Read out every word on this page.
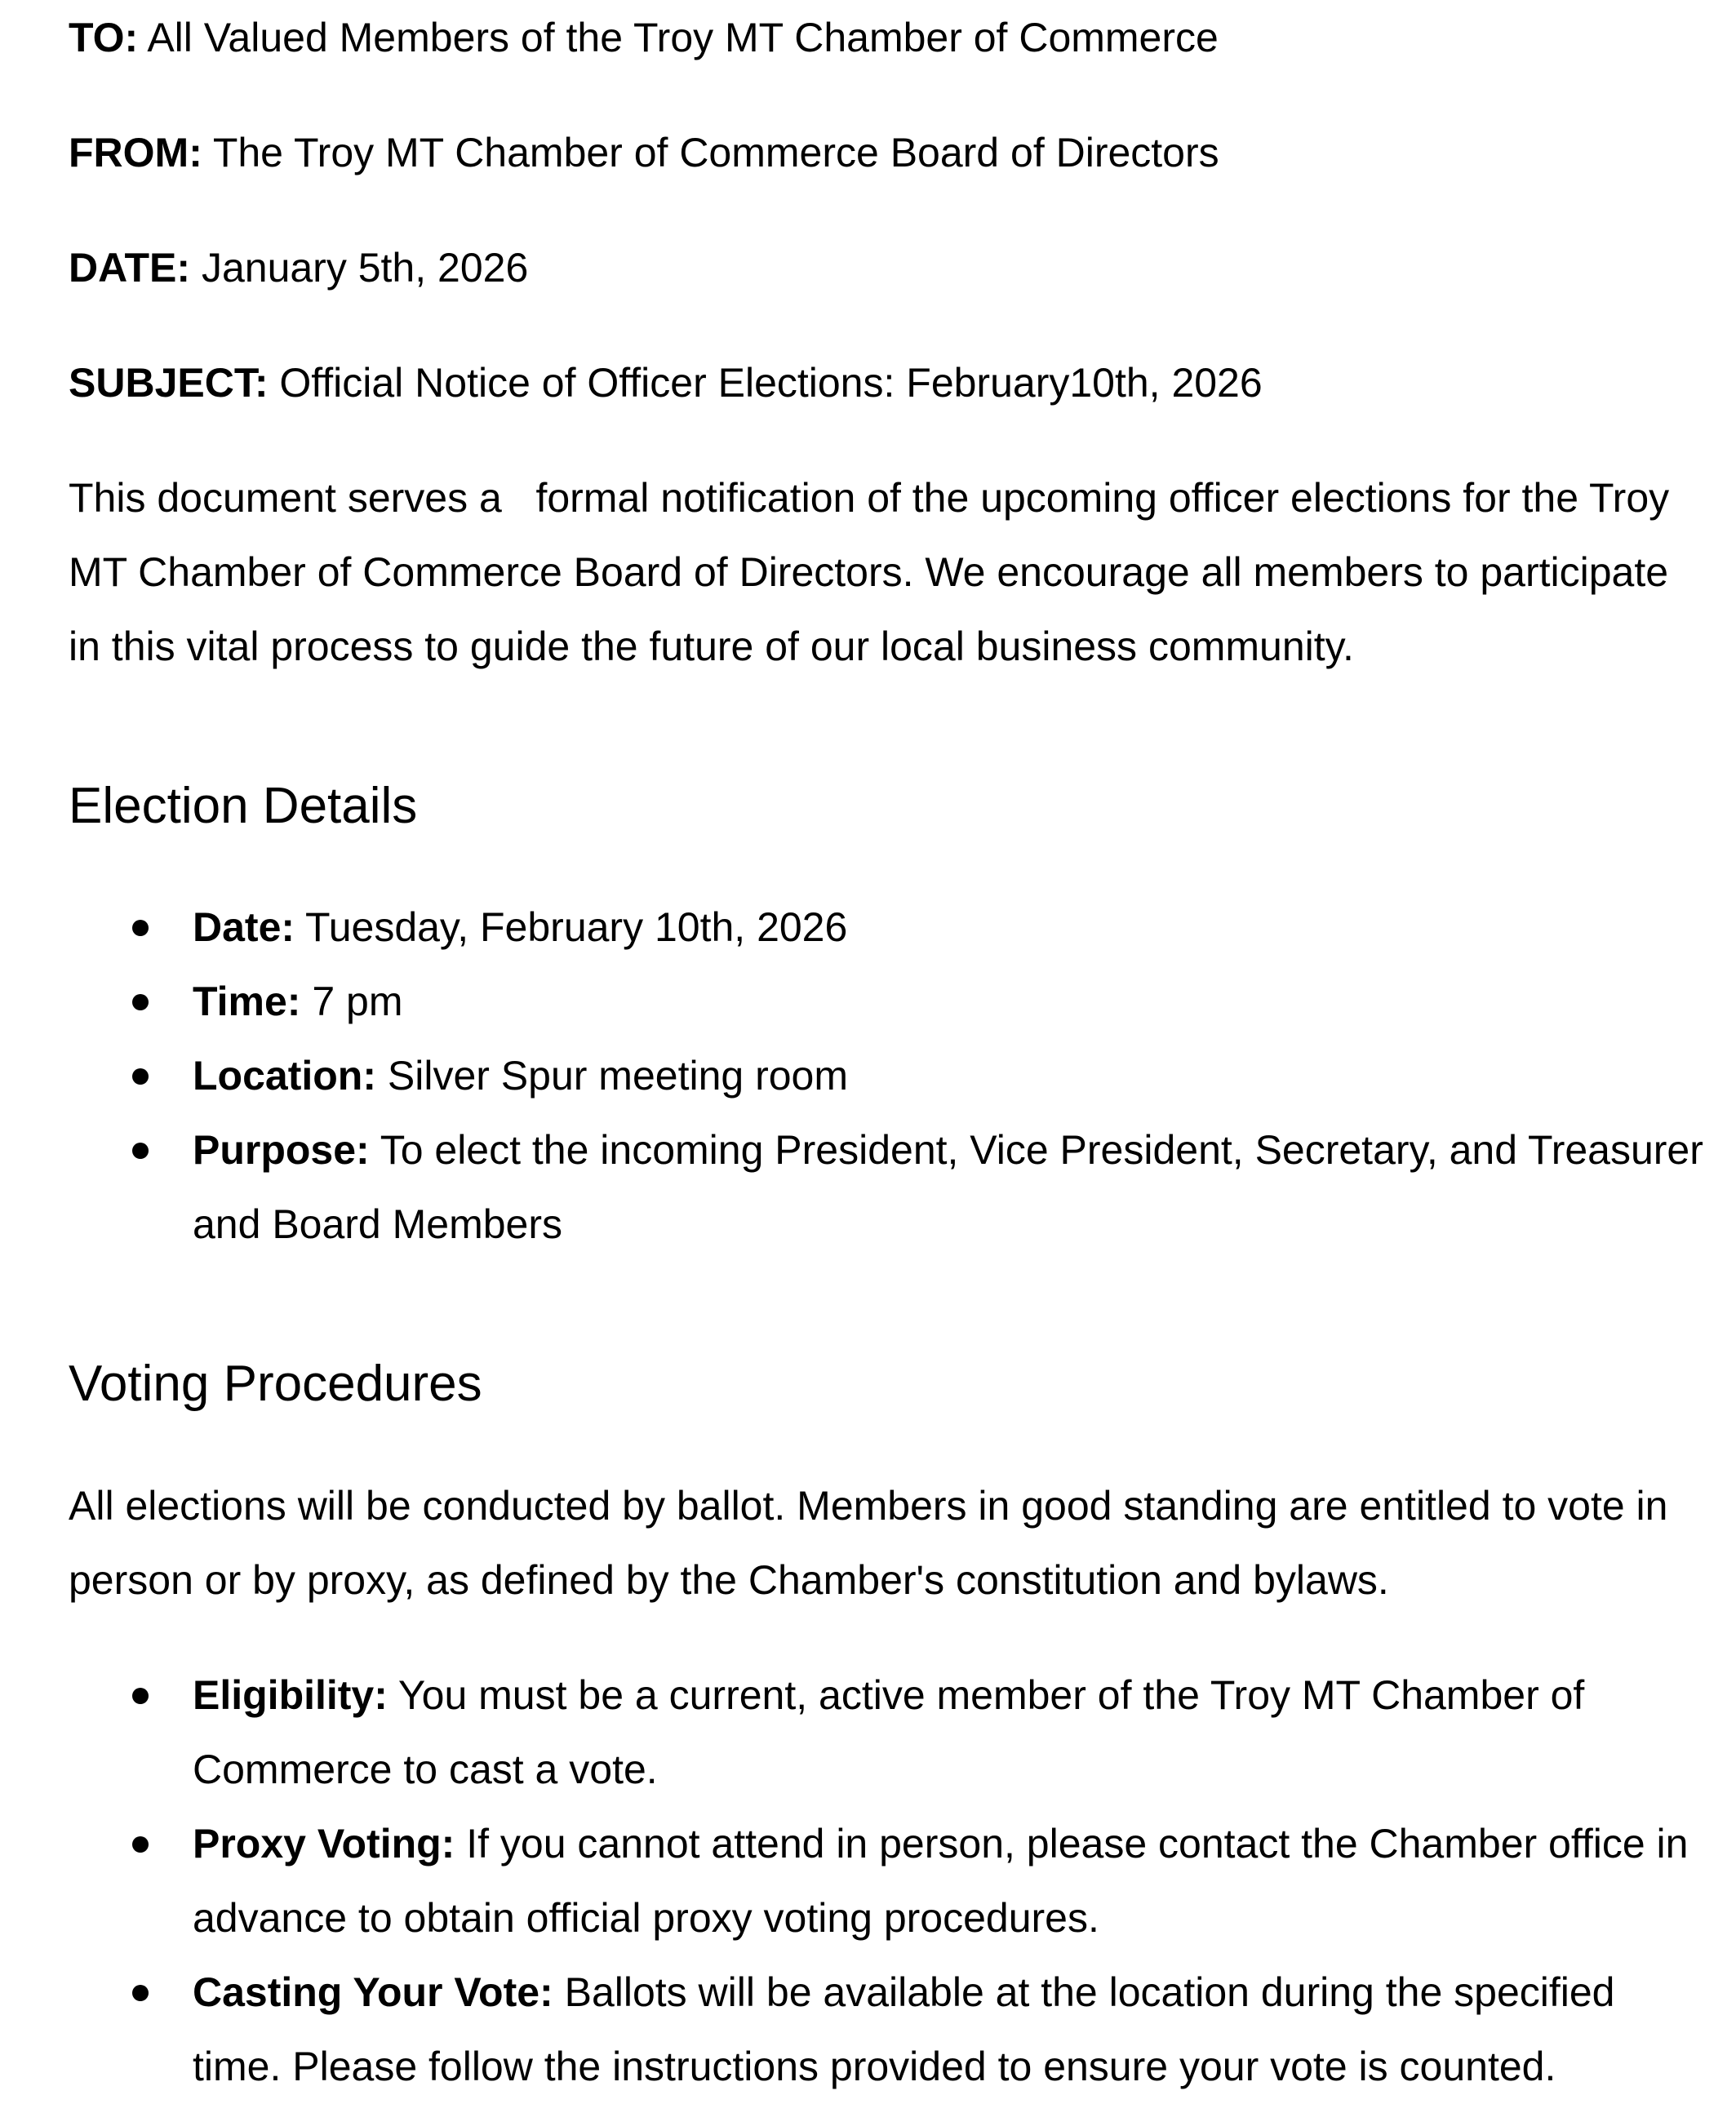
TO: All Valued Members of the Troy MT Chamber of Commerce
FROM: The Troy MT Chamber of Commerce Board of Directors
DATE: January 5th, 2026
SUBJECT: Official Notice of Officer Elections: February10th, 2026
This document serves a   formal notification of the upcoming officer elections for the Troy MT Chamber of Commerce Board of Directors. We encourage all members to participate in this vital process to guide the future of our local business community.
Election Details
Date: Tuesday, February 10th, 2026
Time: 7 pm
Location: Silver Spur meeting room
Purpose: To elect the incoming President, Vice President, Secretary, and Treasurer and Board Members
Voting Procedures
All elections will be conducted by ballot. Members in good standing are entitled to vote in person or by proxy, as defined by the Chamber's constitution and bylaws.
Eligibility: You must be a current, active member of the Troy MT Chamber of Commerce to cast a vote.
Proxy Voting: If you cannot attend in person, please contact the Chamber office in advance to obtain official proxy voting procedures.
Casting Your Vote: Ballots will be available at the location during the specified time. Please follow the instructions provided to ensure your vote is counted.
